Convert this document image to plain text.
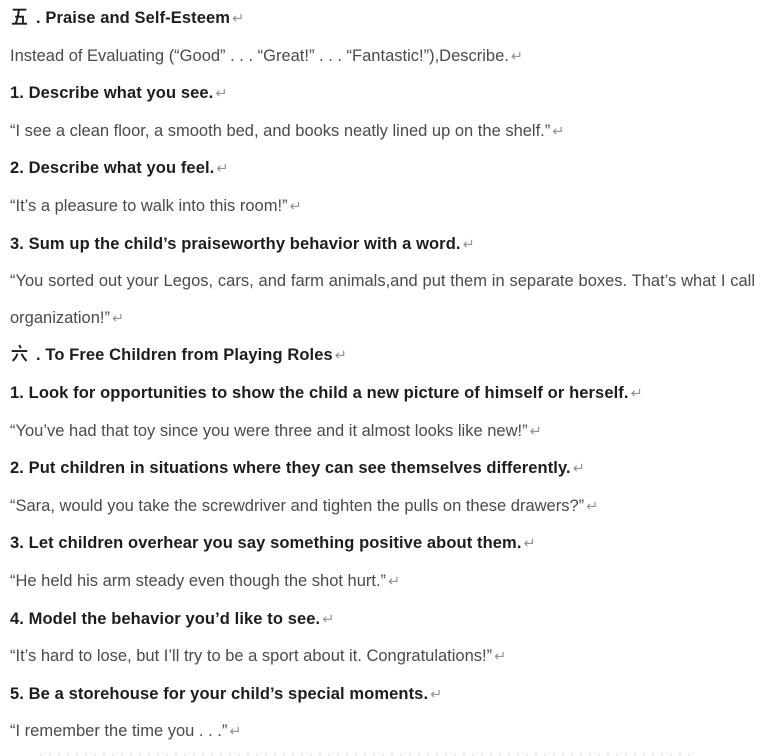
. Praise and Self-Esteem ↵

Instead of Evaluating (“Good” . . . “Great!” . . . “Fantastic!”),Describe. ↵

1. Describe what you see. ↵

“I see a clean floor, a smooth bed, and books neatly lined up on the shelf.” ↵

2. Describe what you feel. ↵

“It’s a pleasure to walk into this room!” ↵

3. Sum up the child’s praiseworthy behavior with a word. ↵

“You sorted out your Legos, cars, and farm animals,and put them in separate boxes. That’s what I call organization!” ↵

. To Free Children from Playing Roles ↵

1. Look for opportunities to show the child a new picture of himself or herself. ↵

“You’ve had that toy since you were three and it almost looks like new!” ↵

2. Put children in situations where they can see themselves differently. ↵

“Sara, would you take the screwdriver and tighten the pulls on these drawers?” ↵

3. Let children overhear you say something positive about them. ↵

“He held his arm steady even though the shot hurt.” ↵

4. Model the behavior you’d like to see. ↵

“It’s hard to lose, but I’ll try to be a sport about it. Congratulations!” ↵

5. Be a storehouse for your child’s special moments. ↵

“I remember the time you . . .” ↵
